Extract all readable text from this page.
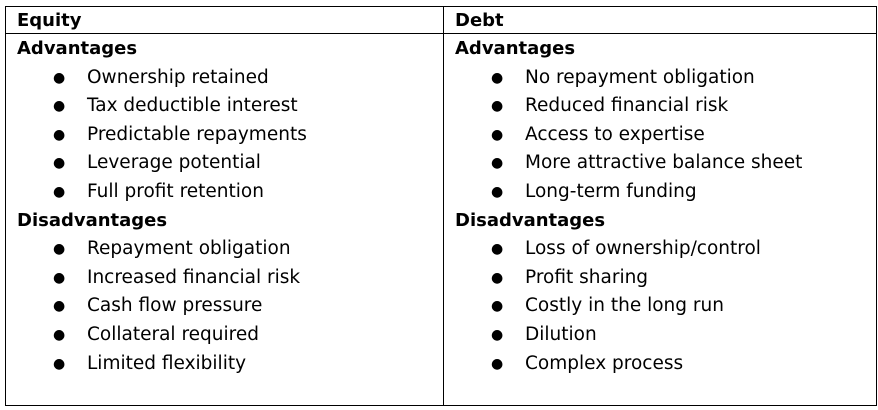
Equity
Advantages
● Ownership retained
● Tax deductible interest
● Predictable repayments
● Leverage potential
● Full profit retention
Disadvantages
● Repayment obligation
● Increased financial risk
● Cash flow pressure
● Collateral required
● Limited flexibility
Debt
Advantages
● No repayment obligation
● Reduced financial risk
● Access to expertise
● More attractive balance sheet
● Long-term funding
Disadvantages
● Loss of ownership/control
● Profit sharing
● Costly in the long run
● Dilution
● Complex process
